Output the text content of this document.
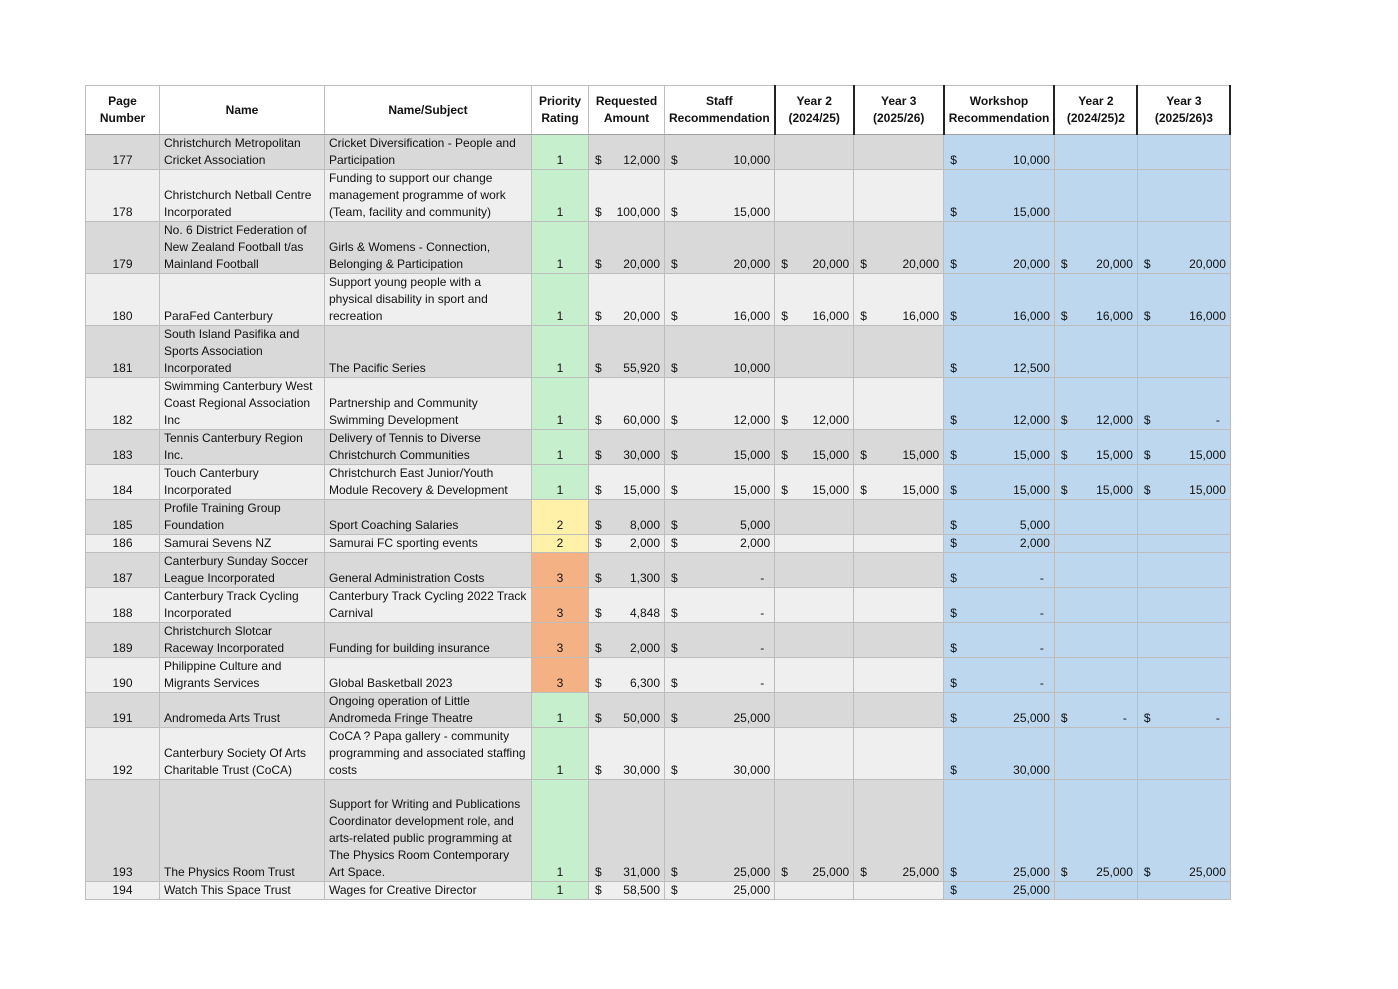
Page Number	Name	Name/Subject	Priority Rating	Requested Amount	Staff Recommendation	Year 2 (2024/25)	Year 3 (2025/26)	Workshop Recommendation	Year 2 (2024/25)2	Year 3 (2025/26)3
177	Christchurch Metropolitan Cricket Association	Cricket Diversification - People and Participation	1	$ 12,000	$ 10,000			$ 10,000		

178	Christchurch Netball Centre Incorporated	Funding to support our change management programme of work (Team, facility and community)	1	$ 100,000	$ 15,000			$ 15,000		

179	No. 6 District Federation of New Zealand Football t/as Mainland Football	Girls & Womens - Connection, Belonging & Participation	1	$ 20,000	$ 20,000	$ 20,000	$ 20,000	$ 20,000	$ 20,000	$ 20,000

180	ParaFed Canterbury	Support young people with a physical disability in sport and recreation	1	$ 20,000	$ 16,000	$ 16,000	$ 16,000	$ 16,000	$ 16,000	$ 16,000

181	South Island Pasifika and Sports Association Incorporated	The Pacific Series	1	$ 55,920	$ 10,000			$ 12,500		

182	Swimming Canterbury West Coast Regional Association Inc	Partnership and Community Swimming Development	1	$ 60,000	$ 12,000	$ 12,000		$ 12,000	$ 12,000	$ -

183	Tennis Canterbury Region Inc.	Delivery of Tennis to Diverse Christchurch Communities	1	$ 30,000	$ 15,000	$ 15,000	$ 15,000	$ 15,000	$ 15,000	$ 15,000

184	Touch Canterbury Incorporated	Christchurch East Junior/Youth Module Recovery & Development	1	$ 15,000	$ 15,000	$ 15,000	$ 15,000	$ 15,000	$ 15,000	$ 15,000

185	Profile Training Group Foundation	Sport Coaching Salaries	2	$ 8,000	$ 5,000			$ 5,000		

186	Samurai Sevens NZ	Samurai FC sporting events	2	$ 2,000	$ 2,000			$ 2,000		

187	Canterbury Sunday Soccer League Incorporated	General Administration Costs	3	$ 1,300	$ -			$ -		

188	Canterbury Track Cycling Incorporated	Canterbury Track Cycling 2022 Track Carnival	3	$ 4,848	$ -			$ -		

189	Christchurch Slotcar Raceway Incorporated	Funding for building insurance	3	$ 2,000	$ -			$ -		

190	Philippine Culture and Migrants Services	Global Basketball 2023	3	$ 6,300	$ -			$ -		

191	Andromeda Arts Trust	Ongoing operation of Little Andromeda Fringe Theatre	1	$ 50,000	$ 25,000			$ 25,000	$ -	$ -

192	Canterbury Society Of Arts Charitable Trust (CoCA)	CoCA ? Papa gallery - community programming and associated staffing costs	1	$ 30,000	$ 30,000			$ 30,000		

193	The Physics Room Trust	Support for Writing and Publications Coordinator development role, and arts-related public programming at The Physics Room Contemporary Art Space.	1	$ 31,000	$ 25,000	$ 25,000	$ 25,000	$ 25,000	$ 25,000	$ 25,000

194	Watch This Space Trust	Wages for Creative Director	1	$ 58,500	$ 25,000			$ 25,000		
